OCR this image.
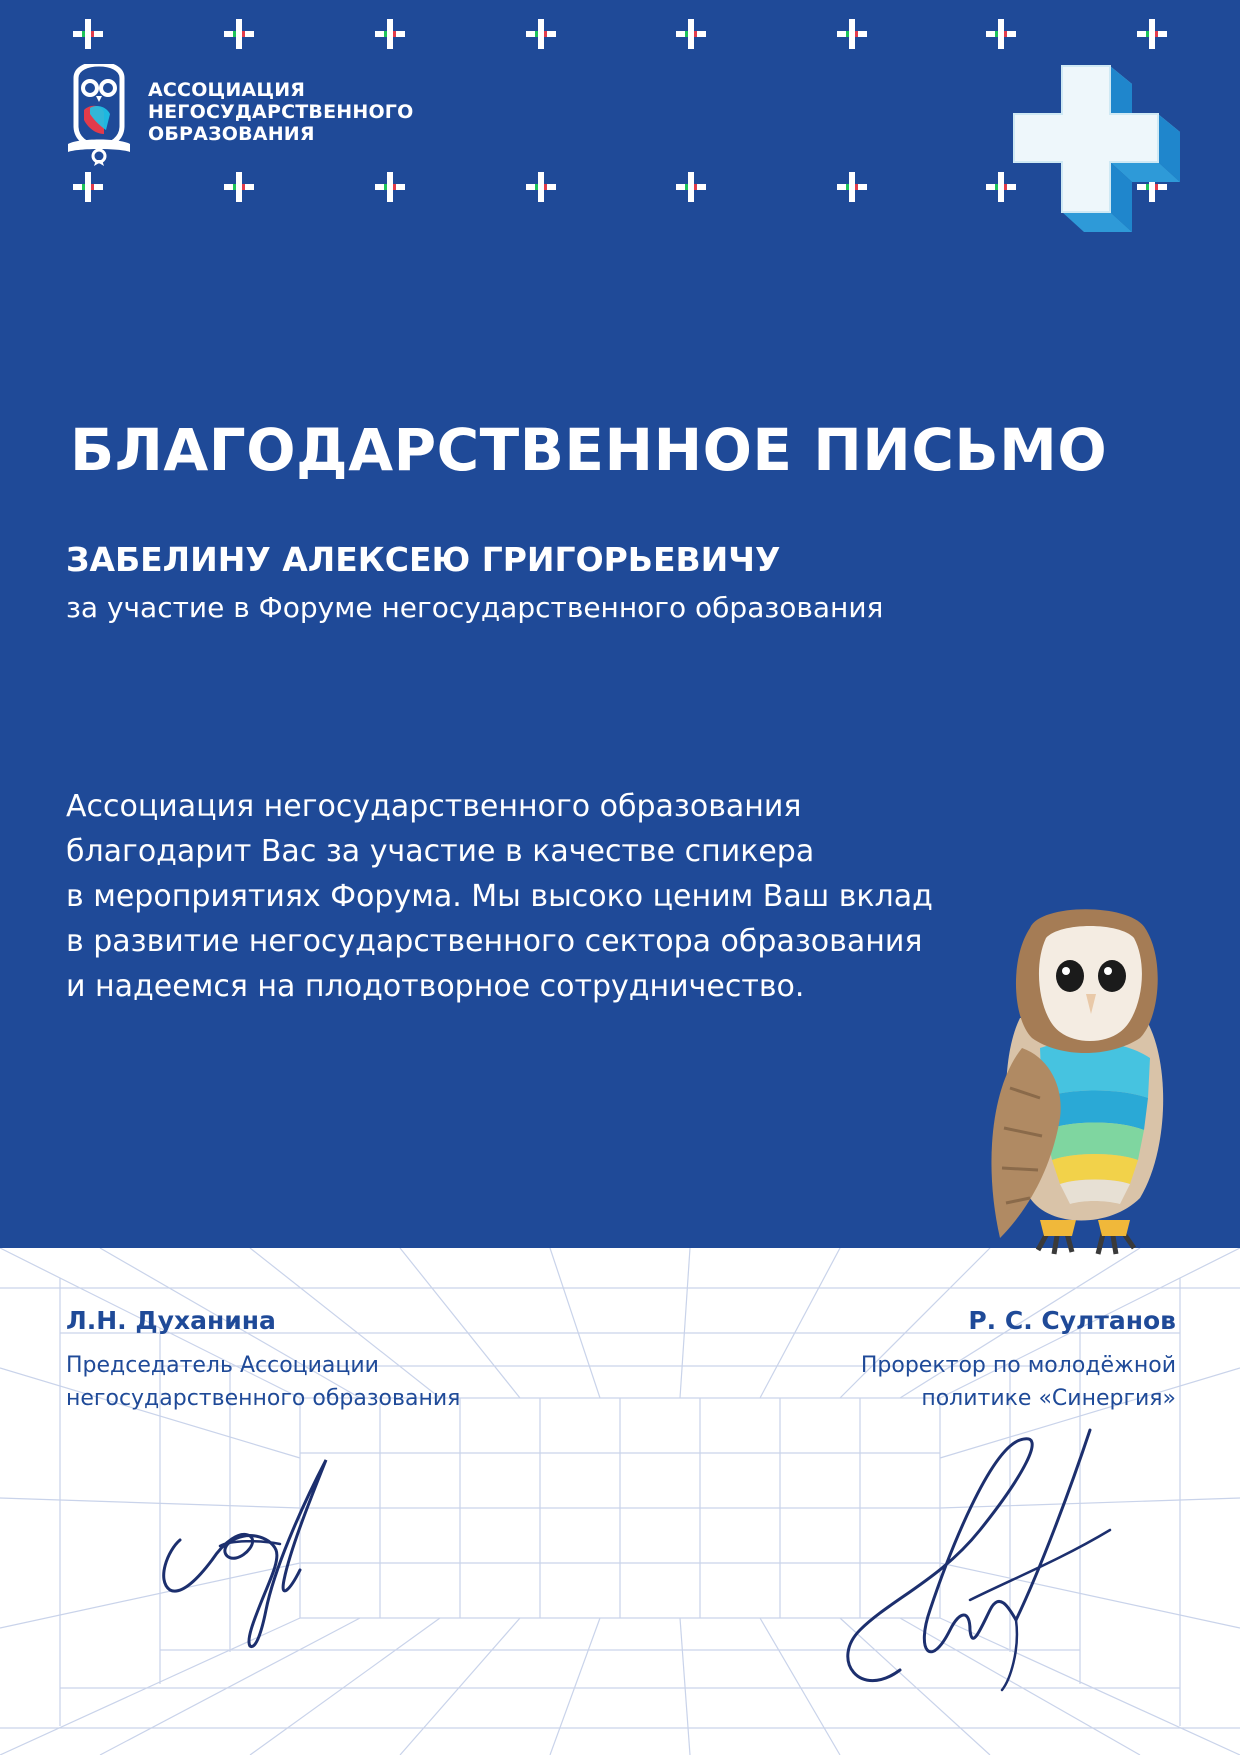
АССОЦИАЦИЯ
НЕГОСУДАРСТВЕННОГО
ОБРАЗОВАНИЯ
БЛАГОДАРСТВЕННОЕ ПИСЬМО
ЗАБЕЛИНУ АЛЕКСЕЮ ГРИГОРЬЕВИЧУ
за участие в Форуме негосударственного образования
Ассоциация негосударственного образования
благодарит Вас за участие в качестве спикера
в мероприятиях Форума. Мы высоко ценим Ваш вклад
в развитие негосударственного сектора образования
и надеемся на плодотворное сотрудничество.
Л.Н. Духанина
Председатель Ассоциации
негосударственного образования
Р. С. Султанов
Проректор по молодёжной
политике «Синергия»
